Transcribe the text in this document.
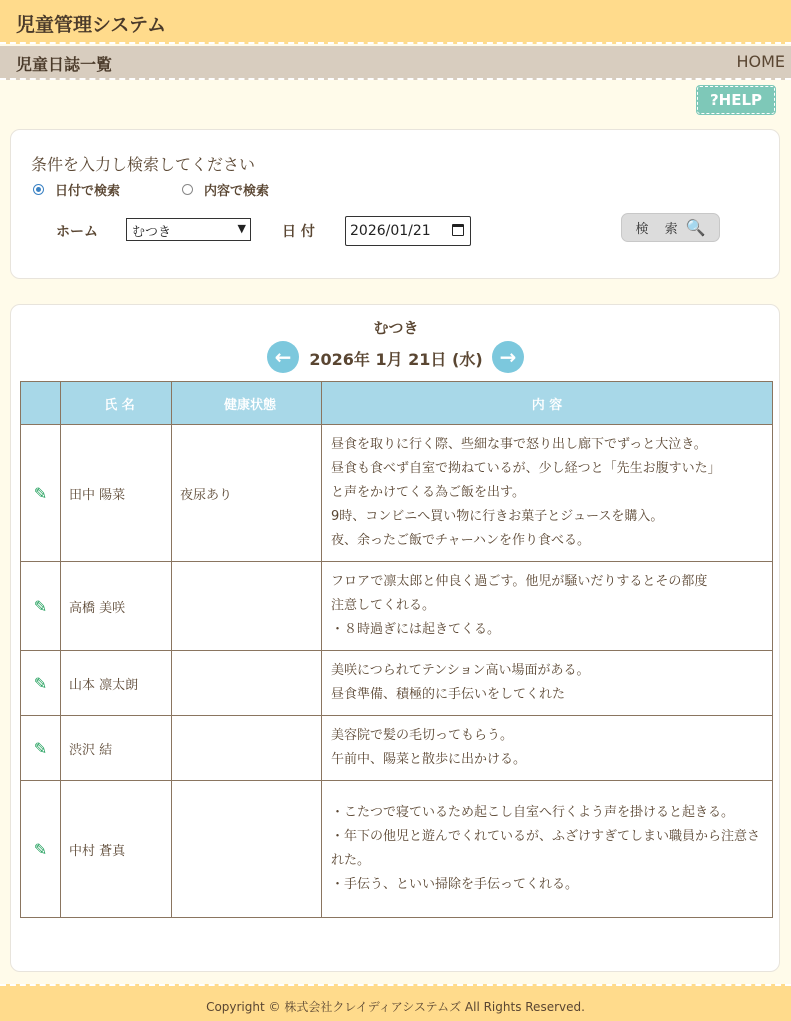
児童管理システム
児童日誌一覧	HOME
? HELP
条件を入力し検索してください
日付で検索	内容で検索
ホーム	むつき	▼	日 付	2026/01/21	検 索 🔍
むつき
←	2026年 1月 21日 (水) →
	氏 名	健康状態	内 容
✎	田中 陽菜	夜尿あり	昼食を取りに行く際、些細な事で怒り出し廊下でずっと大泣き。
昼食も食べず自室で拗ねているが、少し経つと「先生お腹すいた」
と声をかけてくる為ご飯を出す。
9時、コンビニへ買い物に行きお菓子とジュースを購入。
夜、余ったご飯でチャーハンを作り食べる。

✎	高橋 美咲		フロアで凛太郎と仲良く過ごす。他児が騒いだりするとその都度
注意してくれる。
・８時過ぎには起きてくる。

✎	山本 凛太朗		美咲につられてテンション高い場面がある。
昼食準備、積極的に手伝いをしてくれた

✎	渋沢 結		美容院で髪の毛切ってもらう。
午前中、陽菜と散歩に出かける。

✎	中村 蒼真		・こたつで寝ているため起こし自室へ行くよう声を掛けると起きる。
・年下の他児と遊んでくれているが、ふざけすぎてしまい職員から注意された。
・手伝う、といい掃除を手伝ってくれる。
Copyright © 株式会社クレイディアシステムズ All Rights Reserved.
